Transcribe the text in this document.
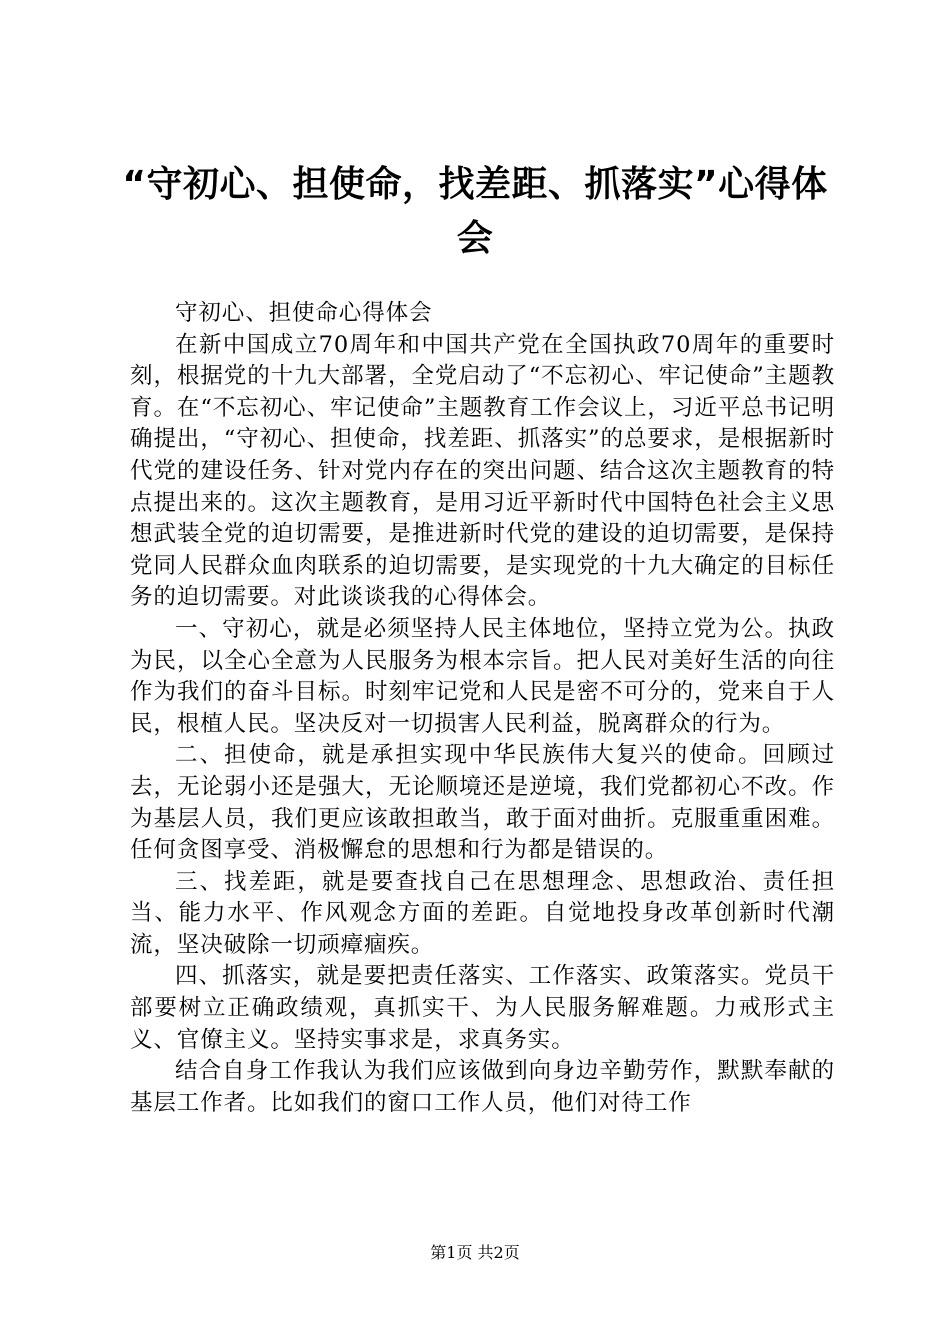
“守初心、担使命，找差距、抓落实”心得体会

守初心、担使命心得体会

在新中国成立70周年和中国共产党在全国执政70周年的重要时刻，根据党的十九大部署，全党启动了“不忘初心、牢记使命”主题教育。在“不忘初心、牢记使命”主题教育工作会议上，习近平总书记明确提出，“守初心、担使命，找差距、抓落实”的总要求，是根据新时代党的建设任务、针对党内存在的突出问题、结合这次主题教育的特点提出来的。这次主题教育，是用习近平新时代中国特色社会主义思想武装全党的迫切需要，是推进新时代党的建设的迫切需要，是保持党同人民群众血肉联系的迫切需要，是实现党的十九大确定的目标任务的迫切需要。对此谈谈我的心得体会。

一、守初心，就是必须坚持人民主体地位，坚持立党为公。执政为民，以全心全意为人民服务为根本宗旨。把人民对美好生活的向往作为我们的奋斗目标。时刻牢记党和人民是密不可分的，党来自于人民，根植人民。坚决反对一切损害人民利益，脱离群众的行为。

二、担使命，就是承担实现中华民族伟大复兴的使命。回顾过去，无论弱小还是强大，无论顺境还是逆境，我们党都初心不改。作为基层人员，我们更应该敢担敢当，敢于面对曲折。克服重重困难。任何贪图享受、消极懈怠的思想和行为都是错误的。

三、找差距，就是要查找自己在思想理念、思想政治、责任担当、能力水平、作风观念方面的差距。自觉地投身改革创新时代潮流，坚决破除一切顽瘴痼疾。

四、抓落实，就是要把责任落实、工作落实、政策落实。党员干部要树立正确政绩观，真抓实干、为人民服务解难题。力戒形式主义、官僚主义。坚持实事求是，求真务实。

结合自身工作我认为我们应该做到向身边辛勤劳作，默默奉献的基层工作者。比如我们的窗口工作人员，他们对待工作

第1页 共2页
